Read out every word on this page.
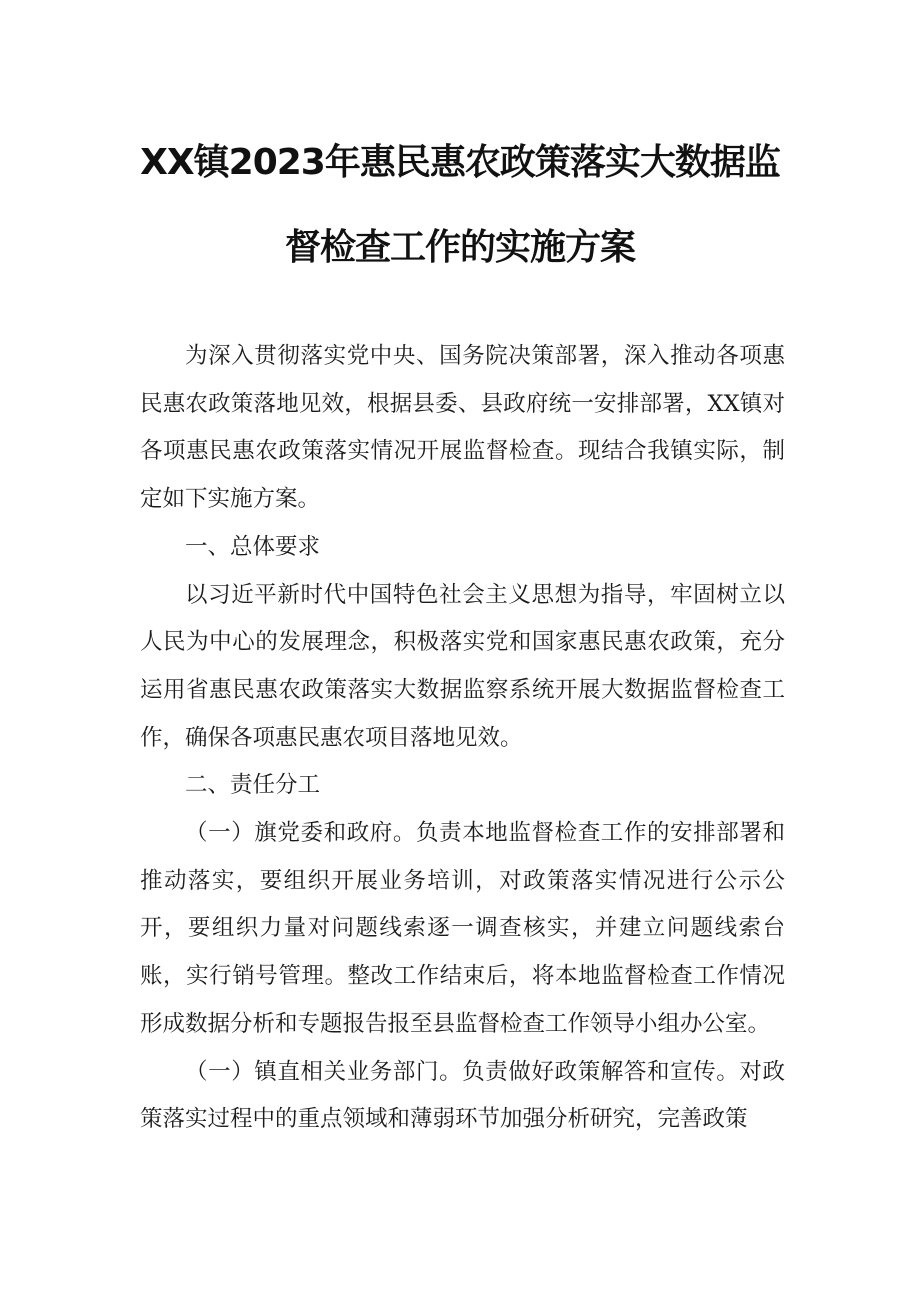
XX镇2023年惠民惠农政策落实大数据监
督检查工作的实施方案

为深入贯彻落实党中央、国务院决策部署，深入推动各项惠民惠农政策落地见效，根据县委、县政府统一安排部署，XX镇对各项惠民惠农政策落实情况开展监督检查。现结合我镇实际，制定如下实施方案。

一、总体要求

以习近平新时代中国特色社会主义思想为指导，牢固树立以人民为中心的发展理念，积极落实党和国家惠民惠农政策，充分运用省惠民惠农政策落实大数据监察系统开展大数据监督检查工作，确保各项惠民惠农项目落地见效。

二、责任分工

（一）旗党委和政府。负责本地监督检查工作的安排部署和推动落实，要组织开展业务培训，对政策落实情况进行公示公开，要组织力量对问题线索逐一调查核实，并建立问题线索台账，实行销号管理。整改工作结束后，将本地监督检查工作情况形成数据分析和专题报告报至县监督检查工作领导小组办公室。

（一）镇直相关业务部门。负责做好政策解答和宣传。对政策落实过程中的重点领域和薄弱环节加强分析研究，完善政策
